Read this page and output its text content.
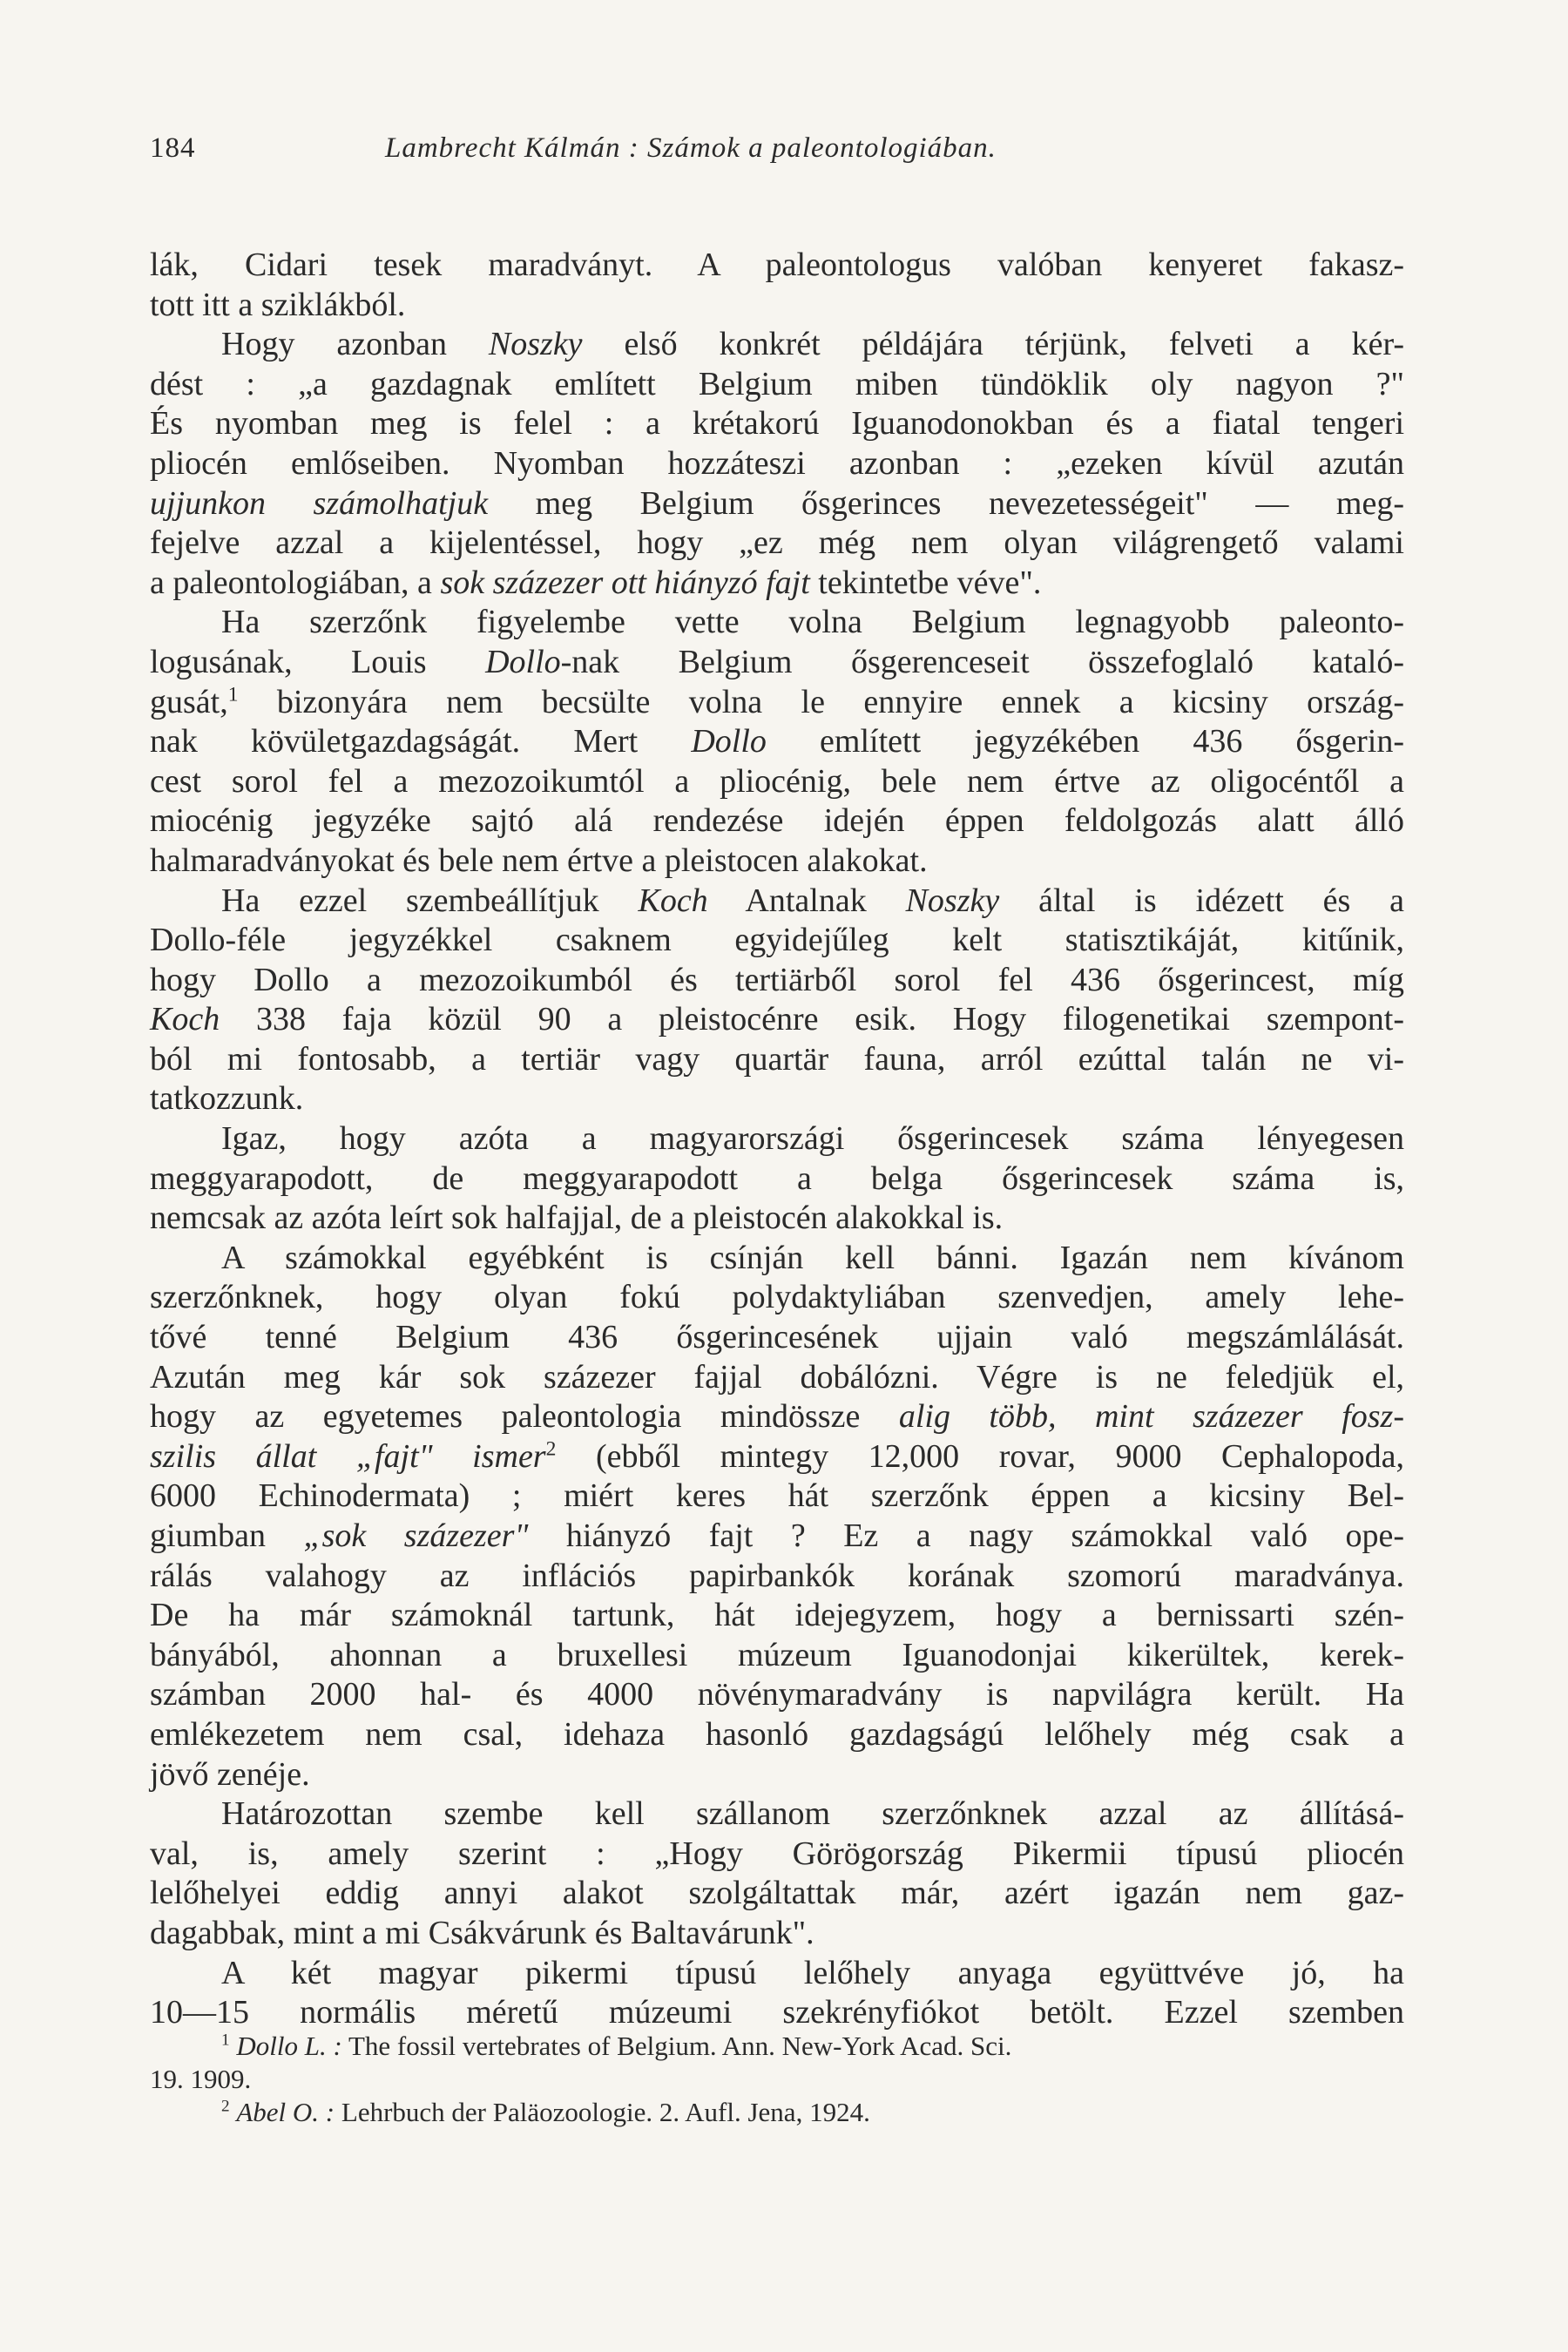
184	Lambrecht Kálmán : Számok a paleontologiában.

lák, Cidari tesek maradványt. A paleontologus valóban kenyeret fakasz-

tott itt a sziklákból.

Hogy azonban Noszky első konkrét példájára térjünk, felveti a kér-

dést : „a gazdagnak említett Belgium miben tündöklik oly nagyon ?"

És nyomban meg is felel : a krétakorú Iguanodonokban és a fiatal tengeri

pliocén emlőseiben. Nyomban hozzáteszi azonban : „ezeken kívül azután

ujjunkon számolhatjuk meg Belgium ősgerinces nevezetességeit" — meg-

fejelve azzal a kijelentéssel, hogy „ez még nem olyan világrengető valami

a paleontologiában, a sok százezer ott hiányzó fajt tekintetbe véve".

Ha szerzőnk figyelembe vette volna Belgium legnagyobb paleonto-

logusának, Louis Dollo-nak Belgium ősgerenceseit összefoglaló kataló-

gusát,$^1$ bizonyára nem becsülte volna le ennyire ennek a kicsiny ország-

nak kövületgazdagságát. Mert Dollo említett jegyzékében 436 ősgerin-

cest sorol fel a mezozoikumtól a pliocénig, bele nem értve az oligocéntől a

miocénig jegyzéke sajtó alá rendezése idején éppen feldolgozás alatt álló

halmaradványokat és bele nem értve a pleistocen alakokat.

Ha ezzel szembeállítjuk Koch Antalnak Noszky által is idézett és a

Dollo-féle jegyzékkel csaknem egyidejűleg kelt statisztikáját, kitűnik,

hogy Dollo a mezozoikumból és tertiärből sorol fel 436 ősgerincest, míg

Koch 338 faja közül 90 a pleistocénre esik. Hogy filogenetikai szempont-

ból mi fontosabb, a tertiär vagy quartär fauna, arról ezúttal talán ne vi-

tatkozzunk.

Igaz, hogy azóta a magyarországi ősgerincesek száma lényegesen

meggyarapodott, de meggyarapodott a belga ősgerincesek száma is,

nemcsak az azóta leírt sok halfajjal, de a pleistocén alakokkal is.

A számokkal egyébként is csínján kell bánni. Igazán nem kívánom

szerzőnknek, hogy olyan fokú polydaktyliában szenvedjen, amely lehe-

tővé tenné Belgium 436 ősgerincesének ujjain való megszámlálását.

Azután meg kár sok százezer fajjal dobálózni. Végre is ne feledjük el,

hogy az egyetemes paleontologia mindössze alig több, mint százezer fosz-

szilis állat „fajt" ismer$^2$ (ebből mintegy 12,000 rovar, 9000 Cephalopoda,

6000 Echinodermata) ; miért keres hát szerzőnk éppen a kicsiny Bel-

giumban „sok százezer" hiányzó fajt ? Ez a nagy számokkal való ope-

rálás valahogy az inflációs papirbankók korának szomorú maradványa.

De ha már számoknál tartunk, hát idejegyzem, hogy a bernissarti szén-

bányából, ahonnan a bruxellesi múzeum Iguanodonjai kikerültek, kerek-

számban 2000 hal- és 4000 növénymaradvány is napvilágra került. Ha

emlékezetem nem csal, idehaza hasonló gazdagságú lelőhely még csak a

jövő zenéje.

Határozottan szembe kell szállanom szerzőnknek azzal az állításá-

val, is, amely szerint : „Hogy Görögország Pikermii típusú pliocén

lelőhelyei eddig annyi alakot szolgáltattak már, azért igazán nem gaz-

dagabbak, mint a mi Csákvárunk és Baltavárunk".

A két magyar pikermi típusú lelőhely anyaga együttvéve jó, ha

10—15 normális méretű múzeumi szekrényfiókot betölt. Ezzel szemben

$^1$ Dollo L. : The fossil vertebrates of Belgium. Ann. New-York Acad. Sci.

19. 1909.

$^2$ Abel O. : Lehrbuch der Paläozoologie. 2. Aufl. Jena, 1924.
